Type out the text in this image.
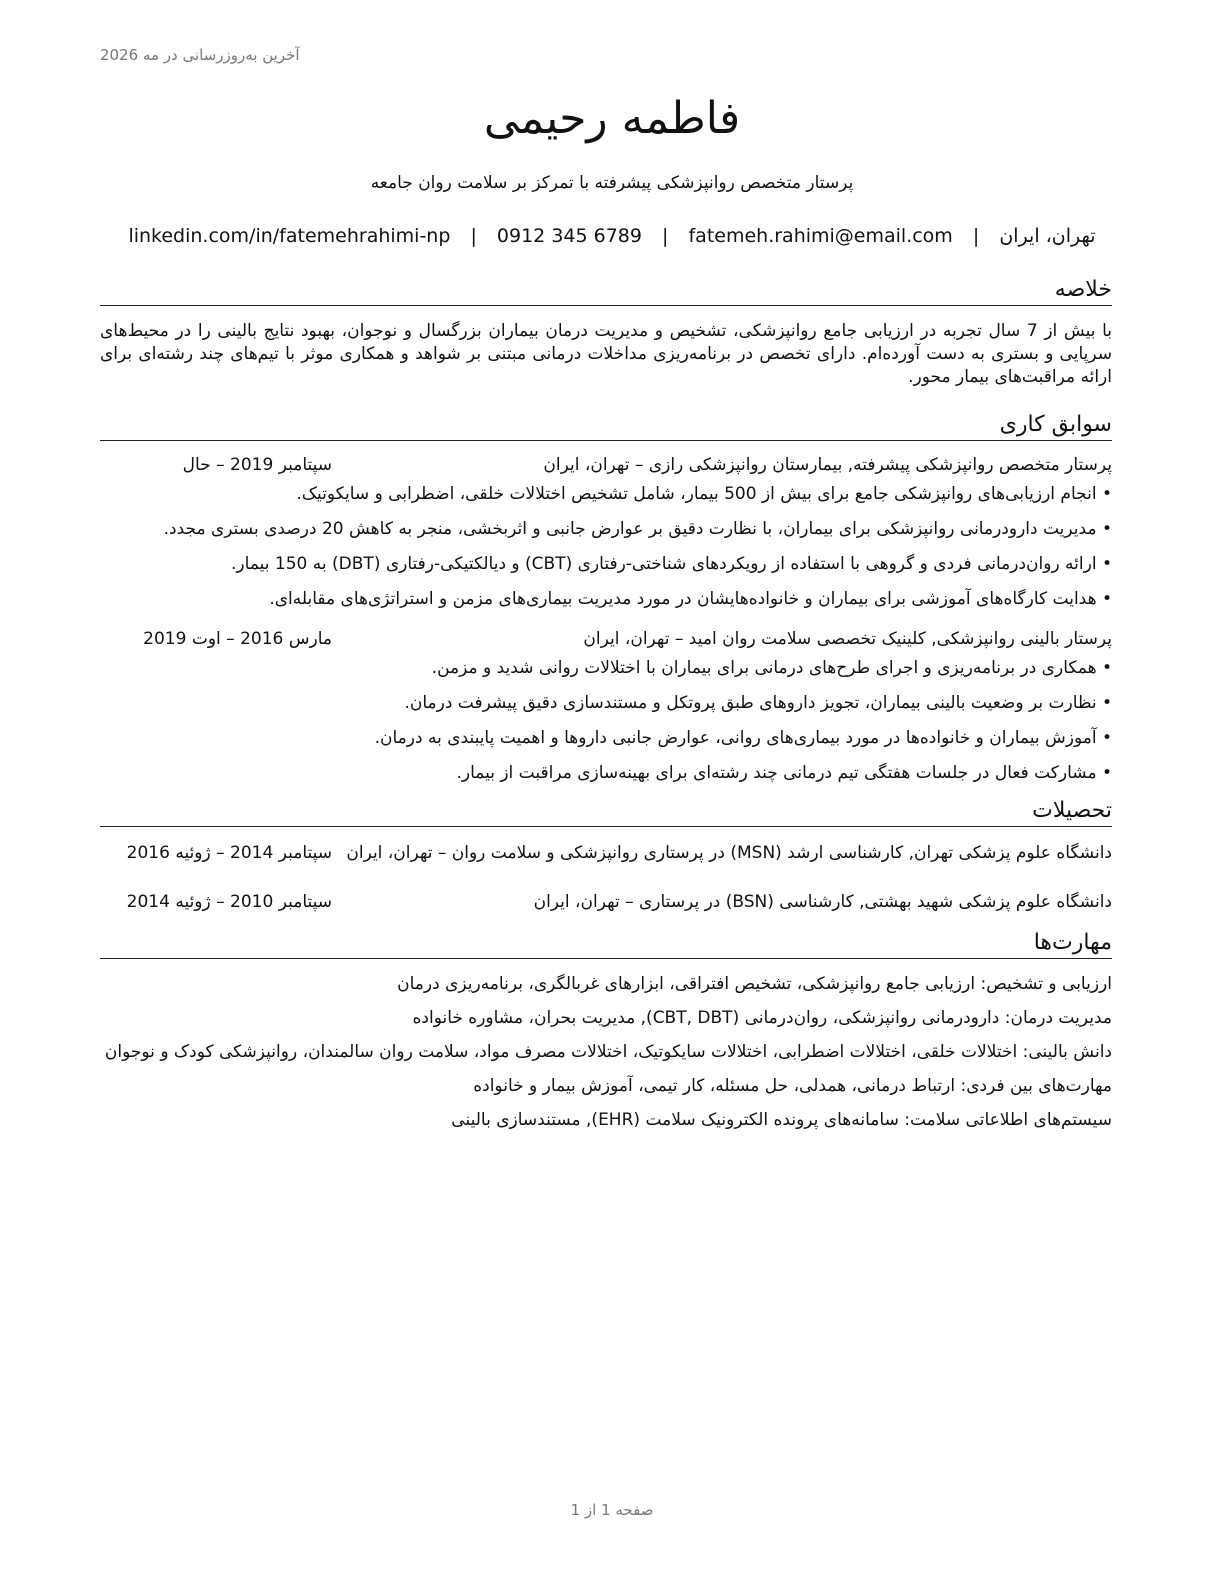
آخرین به‌روزرسانی در مه 2026
فاطمه رحیمی
پرستار متخصص روانپزشکی پیشرفته با تمرکز بر سلامت روان جامعه
تهران، ایران | fatemeh.rahimi@email.com | 0912 345 6789 | linkedin.com/in/fatemehrahimi-np
خلاصه

با بیش از 7 سال تجربه در ارزیابی جامع روانپزشکی، تشخیص و مدیریت درمان بیماران بزرگسال و نوجوان، بهبود نتایج بالینی را در محیط‌های سرپایی و بستری به دست آورده‌ام. دارای تخصص در برنامه‌ریزی مداخلات درمانی مبتنی بر شواهد و همکاری موثر با تیم‌های چند رشته‌ای برای ارائه مراقبت‌های بیمار محور.

سوابق کاری
پرستار متخصص روانپزشکی پیشرفته, بیمارستان روانپزشکی رازی – تهران، ایران
سپتامبر 2019 – حال
• انجام ارزیابی‌های روانپزشکی جامع برای بیش از 500 بیمار، شامل تشخیص اختلالات خلقی، اضطرابی و سایکوتیک.
• مدیریت دارودرمانی روانپزشکی برای بیماران، با نظارت دقیق بر عوارض جانبی و اثربخشی، منجر به کاهش 20 درصدی بستری مجدد.
• ارائه روان‌درمانی فردی و گروهی با استفاده از رویکردهای شناختی-رفتاری (CBT) و دیالکتیکی-رفتاری (DBT) به 150 بیمار.
• هدایت کارگاه‌های آموزشی برای بیماران و خانواده‌هایشان در مورد مدیریت بیماری‌های مزمن و استراتژی‌های مقابله‌ای.
پرستار بالینی روانپزشکی, کلینیک تخصصی سلامت روان امید – تهران، ایران
مارس 2016 – اوت 2019
• همکاری در برنامه‌ریزی و اجرای طرح‌های درمانی برای بیماران با اختلالات روانی شدید و مزمن.
• نظارت بر وضعیت بالینی بیماران، تجویز داروهای طبق پروتکل و مستندسازی دقیق پیشرفت درمان.
• آموزش بیماران و خانواده‌ها در مورد بیماری‌های روانی، عوارض جانبی داروها و اهمیت پایبندی به درمان.
• مشارکت فعال در جلسات هفتگی تیم درمانی چند رشته‌ای برای بهینه‌سازی مراقبت از بیمار.
تحصیلات
دانشگاه علوم پزشکی تهران, کارشناسی ارشد (MSN) در پرستاری روانپزشکی و سلامت روان – تهران، ایران
سپتامبر 2014 – ژوئیه 2016
دانشگاه علوم پزشکی شهید بهشتی, کارشناسی (BSN) در پرستاری – تهران، ایران
سپتامبر 2010 – ژوئیه 2014
مهارت‌ها

ارزیابی و تشخیص: ارزیابی جامع روانپزشکی، تشخیص افتراقی، ابزارهای غربالگری، برنامه‌ریزی درمان

مدیریت درمان: دارودرمانی روانپزشکی، روان‌درمانی (CBT, DBT), مدیریت بحران، مشاوره خانواده

دانش بالینی: اختلالات خلقی، اختلالات اضطرابی، اختلالات سایکوتیک، اختلالات مصرف مواد، سلامت روان سالمندان، روانپزشکی کودک و نوجوان

مهارت‌های بین فردی: ارتباط درمانی، همدلی، حل مسئله، کار تیمی، آموزش بیمار و خانواده

سیستم‌های اطلاعاتی سلامت: سامانه‌های پرونده الکترونیک سلامت (EHR), مستندسازی بالینی

صفحه 1 از 1
